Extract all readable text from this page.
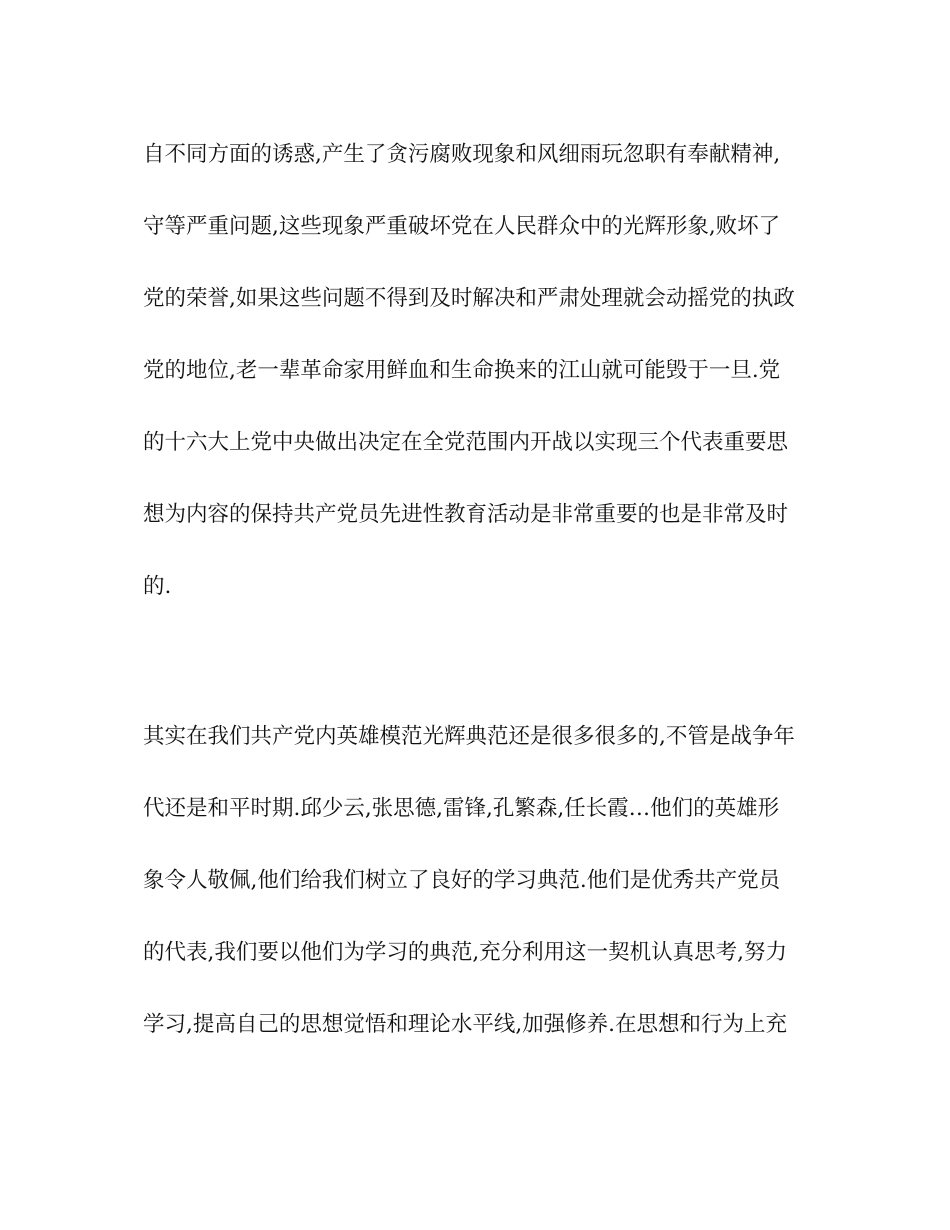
自不同方面的诱惑,产生了贪污腐败现象和风细雨玩忽职有奉献精神,
守等严重问题,这些现象严重破坏党在人民群众中的光辉形象,败坏了
党的荣誉,如果这些问题不得到及时解决和严肃处理就会动摇党的执政
党的地位,老一辈革命家用鲜血和生命换来的江山就可能毁于一旦.党
的十六大上党中央做出决定在全党范围内开战以实现三个代表重要思
想为内容的保持共产党员先进性教育活动是非常重要的也是非常及时
的.
其实在我们共产党内英雄模范光辉典范还是很多很多的,不管是战争年
代还是和平时期.邱少云,张思德,雷锋,孔繁森,任长霞…他们的英雄形
象令人敬佩,他们给我们树立了良好的学习典范.他们是优秀共产党员
的代表,我们要以他们为学习的典范,充分利用这一契机认真思考,努力
学习,提高自己的思想觉悟和理论水平线,加强修养.在思想和行为上充
